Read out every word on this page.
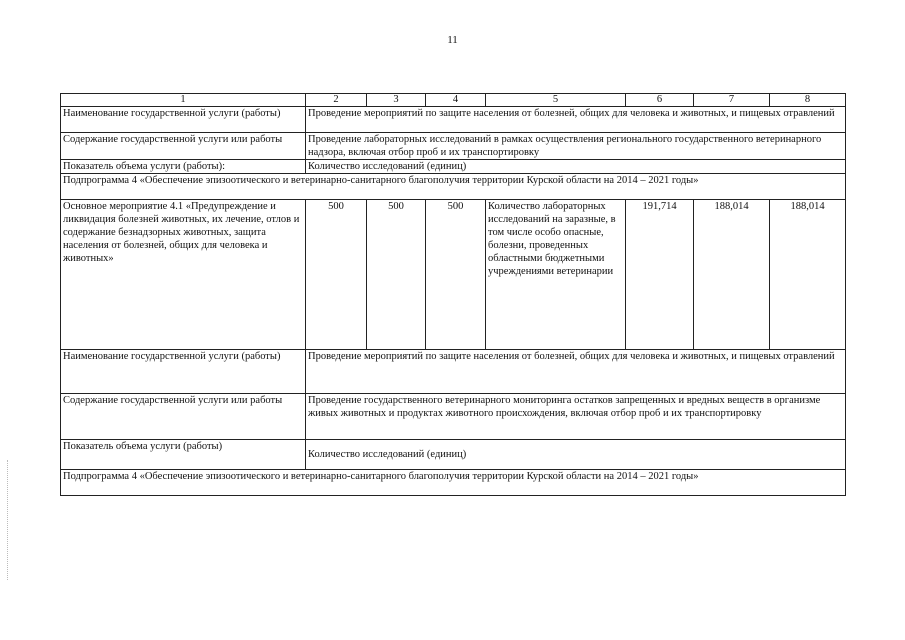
11
1	2	3	4	5	6	7	8
Наименование государственной услуги (работы)	Проведение мероприятий по защите населения от болезней, общих для человека и животных, и пищевых отравлений						
Содержание государственной услуги или работы	Проведение лабораторных исследований в рамках осуществления регионального государственного ветеринарного надзора, включая отбор проб и их транспортировку						
Показатель объема услуги (работы):	Количество исследований (единиц)						
Подпрограмма 4 «Обеспечение эпизоотического и ветеринарно-санитарного благополучия территории Курской области на 2014 – 2021 годы»							
Основное мероприятие 4.1 «Предупреждение и ликвидация болезней животных, их лечение, отлов и содержание безнадзорных животных, защита населения от болезней, общих для человека и животных»	500	500	500	Количество лабораторных исследований на заразные, в том числе особо опасные, болезни, проведенных областными бюджетными учреждениями ветеринарии	191,714	188,014	188,014
Наименование государственной услуги (работы)	Проведение мероприятий по защите населения от болезней, общих для человека и животных, и пищевых отравлений						
Содержание государственной услуги или работы	Проведение государственного ветеринарного мониторинга остатков запрещенных и вредных веществ в организме живых животных и продуктах животного происхождения, включая отбор проб и их транспортировку						
Показатель объема услуги (работы)	Количество исследований (единиц)						
Подпрограмма 4 «Обеспечение эпизоотического и ветеринарно-санитарного благополучия территории Курской области на 2014 – 2021 годы»							
